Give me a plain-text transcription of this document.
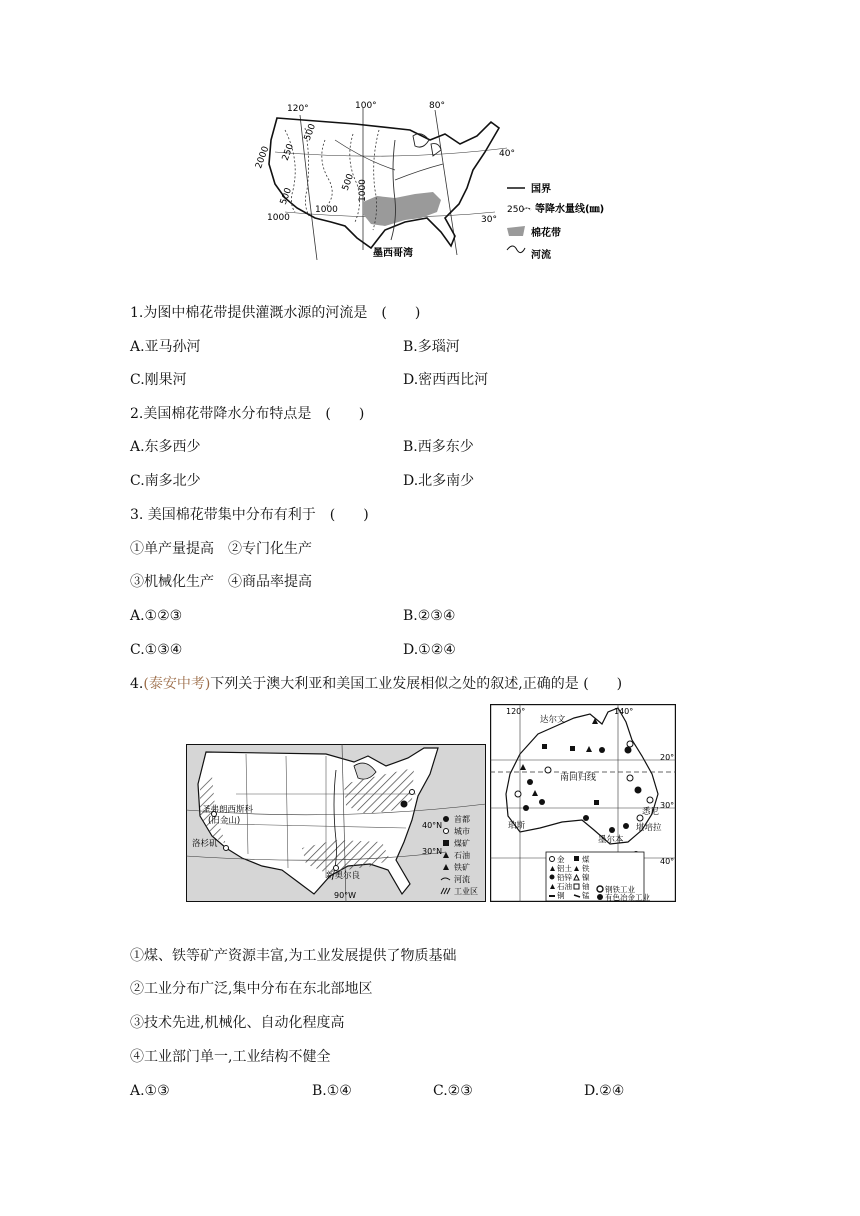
120°	100°	80°
40°
30°
2000
1000
500
250
500
1000
500 1000
墨西哥湾
国界
250 等降水量线(㎜)
棉花带
河流
1.为图中棉花带提供灌溉水源的河流是　(　　)
A.亚马孙河	B.多瑙河
C.刚果河	D.密西西比河
2.美国棉花带降水分布特点是　(　　)
A.东多西少	B.西多东少
C.南多北少	D.北多南少
3. 美国棉花带集中分布有利于　(　　)
①单产量提高　②专门化生产
③机械化生产　④商品率提高
A.①②③	B.②③④
C.①③④	D.①②④
4.(泰安中考)下列关于澳大利亚和美国工业发展相似之处的叙述,正确的是 (　　)
圣弗朗西斯科
(旧金山)
洛杉矶
新奥尔良
40°N
30°N
90°W
首都
城市
煤矿
石油
铁矿
河流
工业区
120°	140°
20°
30°
40°
南回归线
达尔文
珀斯
墨尔本
悉尼
堪培拉
金 煤
铝土 铁
铅锌 镍
石油 铀
铜 锰
钢铁工业
有色冶金工业
①煤、铁等矿产资源丰富,为工业发展提供了物质基础
②工业分布广泛,集中分布在东北部地区
③技术先进,机械化、自动化程度高
④工业部门单一,工业结构不健全
A.①③	B.①④	C.②③	D.②④
